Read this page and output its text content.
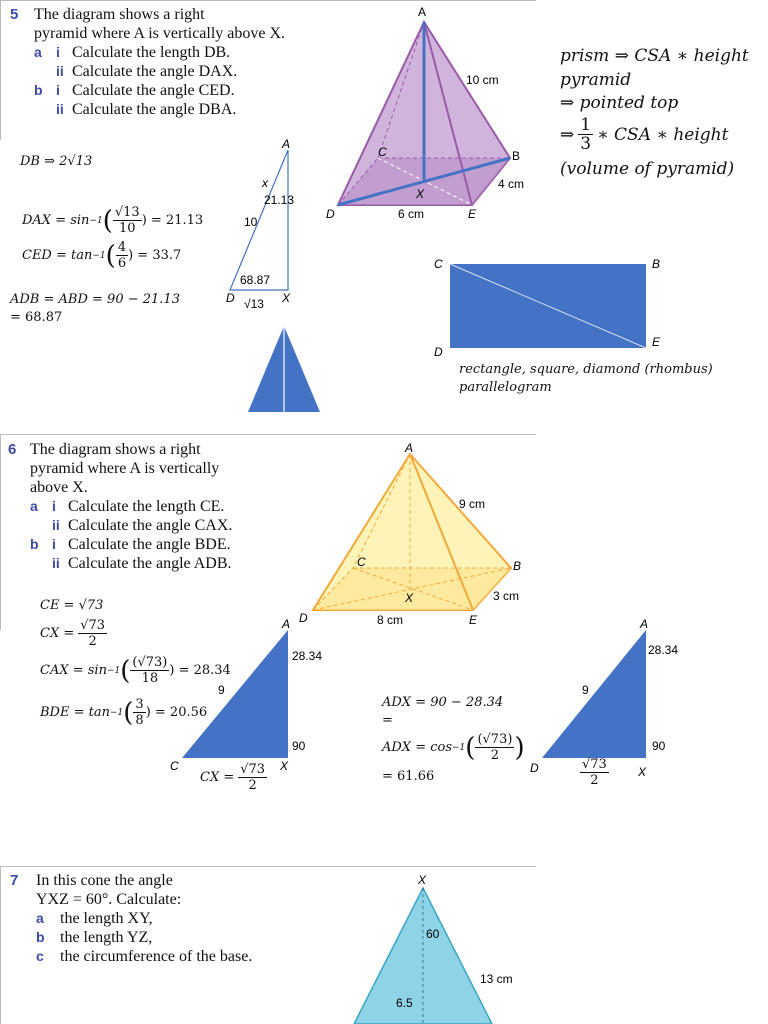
5 The diagram shows a right
pyramid where A is vertically above X.
a i Calculate the length DB.
ii Calculate the angle DAX.
b i Calculate the angle CED.
ii Calculate the angle DBA.
A
B
C
D	E
X
10 cm
4 cm
6 cm
DB ⇒ 2√13
DAX = sin −1 ( $\frac{√13}{10}$ ) = 21.13
CED = tan −1 ( $\frac{4}{6}$ ) = 33.7
ADB = ABD = 90 − 21.13
= 68.87
A
x
21.13
10
68.87
D √13 X
prism ⇒ CSA ∗ height
pyramid
⇒ pointed top
⇒ $\frac{1}{3}$ ∗ CSA ∗ height
(volume of pyramid)
C	B
D
E
rectangle, square, diamond (rhombus)
parallelogram
6 The diagram shows a right
pyramid where A is vertically
above X.
a i Calculate the length CE.
ii Calculate the angle CAX.
b i Calculate the angle BDE.
ii Calculate the angle ADB.
A
B
C
D	E
X
9 cm
3 cm
8 cm
CE = √73
CX = $\frac{√73}{2}$
CAX = sin −1 ( $\frac{(√73)}{18}$ ) = 28.34
BDE = tan −1 ( $\frac{3}{8}$ ) = 20.56
A
28.34
9
90
C	X
CX = $\frac{√73}{2}$
ADX = 90 − 28.34
=
ADX = cos −1 ( $\frac{(√73)}{2}$ )
= 61.66
A
28.34
9
90
D	X
$\frac{√73}{2}$
7 In this cone the angle
YXZ = 60°. Calculate:
a the length XY,
b the length YZ,
c the circumference of the base.
X
60
13 cm
6.5
